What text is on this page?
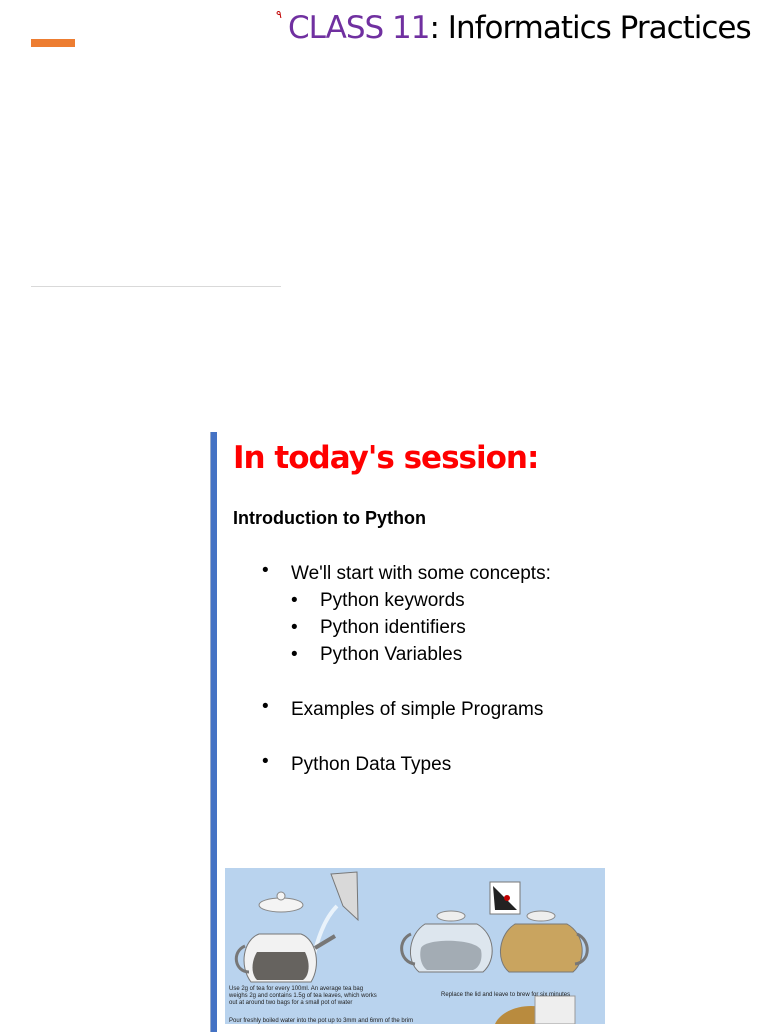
٩ CLASS 11: Informatics Practices
In today's session:
Introduction to Python
• We'll start with some concepts:
• Python keywords
• Python identifiers
• Python Variables
• Examples of simple Programs
• Python Data Types
Use 2g of tea for every 100ml. An average tea bag weighs 2g and contains 1.5g of tea leaves, which works out at around two bags for a small pot of water
Replace the lid and leave to brew for six minutes
Pour freshly boiled water into the pot up to 3mm and 6mm of the brim
